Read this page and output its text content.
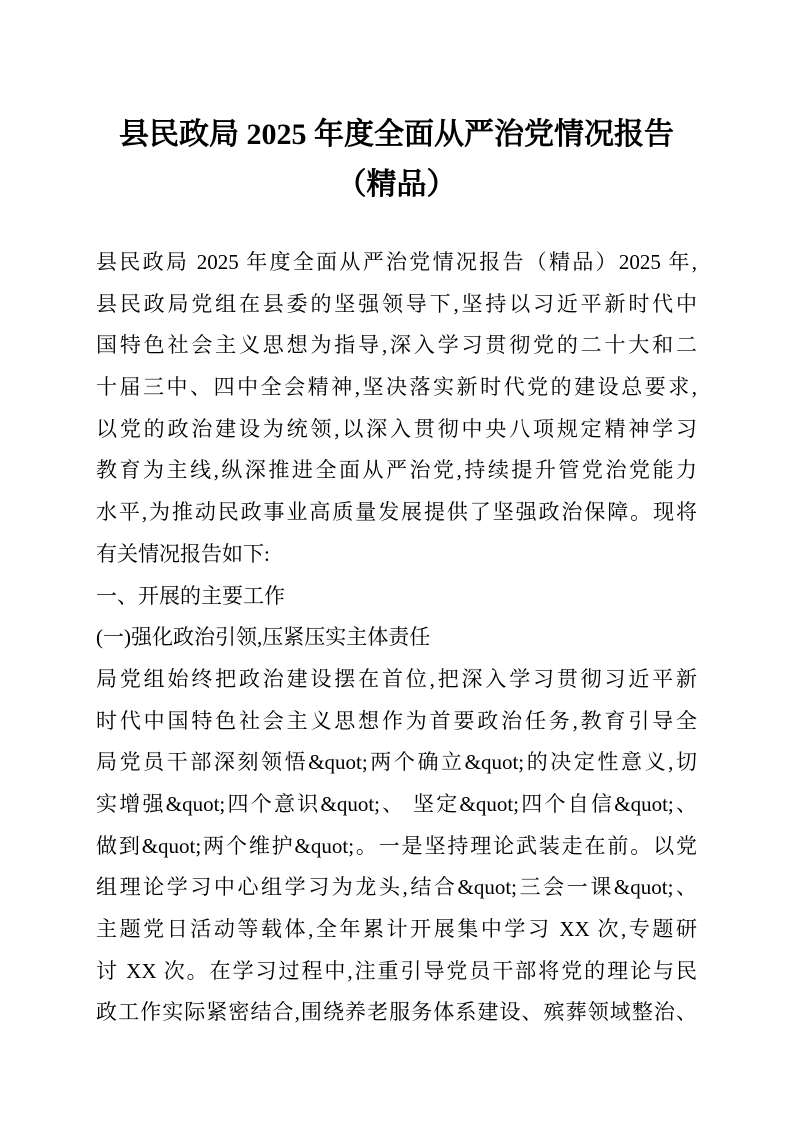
县民政局 2025 年度全面从严治党情况报告
（精品）
县民政局 2025 年度全面从严治党情况报告（精品）2025 年,
县民政局党组在县委的坚强领导下,坚持以习近平新时代中
国特色社会主义思想为指导,深入学习贯彻党的二十大和二
十届三中、四中全会精神,坚决落实新时代党的建设总要求,
以党的政治建设为统领,以深入贯彻中央八项规定精神学习
教育为主线,纵深推进全面从严治党,持续提升管党治党能力
水平,为推动民政事业高质量发展提供了坚强政治保障。现将
有关情况报告如下:
一、开展的主要工作
(一)强化政治引领,压紧压实主体责任
局党组始终把政治建设摆在首位,把深入学习贯彻习近平新
时代中国特色社会主义思想作为首要政治任务,教育引导全
局党员干部深刻领悟&quot;两个确立&quot;的决定性意义,切
实增强&quot;四个意识&quot;、 坚定&quot;四个自信&quot;、
做到&quot;两个维护&quot;。一是坚持理论武装走在前。以党
组理论学习中心组学习为龙头,结合&quot;三会一课&quot;、
主题党日活动等载体,全年累计开展集中学习 XX 次,专题研
讨 XX 次。在学习过程中,注重引导党员干部将党的理论与民
政工作实际紧密结合,围绕养老服务体系建设、殡葬领域整治、
